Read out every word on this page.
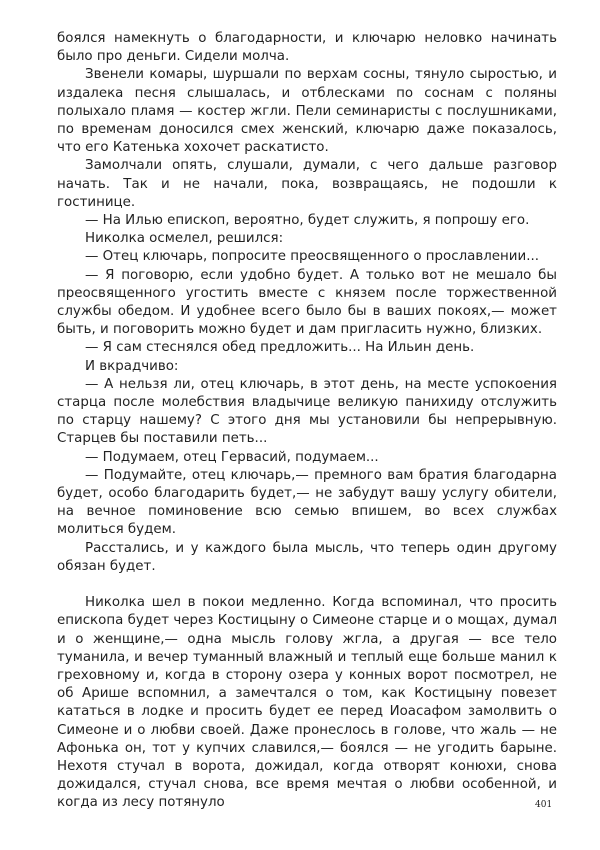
боялся намекнуть о благодарности, и ключарю неловко начинать было про деньги. Сидели молча.

Звенели комары, шуршали по верхам сосны, тянуло сыростью, и издалека песня слышалась, и отблесками по соснам с поляны полыхало пламя — костер жгли. Пели семинаристы с послушниками, по временам доносился смех женский, ключарю даже показалось, что его Катенька хохочет раскатисто.

Замолчали опять, слушали, думали, с чего дальше разговор начать. Так и не начали, пока, возвращаясь, не подошли к гостинице.

— На Илью епископ, вероятно, будет служить, я попрошу его.

Николка осмелел, решился:

— Отец ключарь, попросите преосвященного о прославлении...

— Я поговорю, если удобно будет. А только вот не мешало бы преосвященного угостить вместе с князем после торжественной службы обедом. И удобнее всего было бы в ваших покоях,— может быть, и поговорить можно будет и дам пригласить нужно, близких.

— Я сам стеснялся обед предложить... На Ильин день.

И вкрадчиво:

— А нельзя ли, отец ключарь, в этот день, на месте успокоения старца после молебствия владычице великую панихиду отслужить по старцу нашему? С этого дня мы установили бы непрерывную. Старцев бы поставили петь...

— Подумаем, отец Гервасий, подумаем...

— Подумайте, отец ключарь,— премного вам братия благодарна будет, особо благодарить будет,— не забудут вашу услугу обители, на вечное поминовение всю семью впишем, во всех службах молиться будем.

Расстались, и у каждого была мысль, что теперь один другому обязан будет.

Николка шел в покои медленно. Когда вспоминал, что просить епископа будет через Костицыну о Симеоне старце и о мощах, думал и о женщине,— одна мысль голову жгла, а другая — все тело туманила, и вечер туманный влажный и теплый еще больше манил к греховному и, когда в сторону озера у конных ворот посмотрел, не об Арише вспомнил, а замечтался о том, как Костицыну повезет кататься в лодке и просить будет ее перед Иоасафом замолвить о Симеоне и о любви своей. Даже пронеслось в голове, что жаль — не Афонька он, тот у купчих славился,— боялся — не угодить барыне. Нехотя стучал в ворота, дожидал, когда отворят конюхи, снова дожидался, стучал снова, все время мечтая о любви особенной, и когда из лесу потянуло	401
